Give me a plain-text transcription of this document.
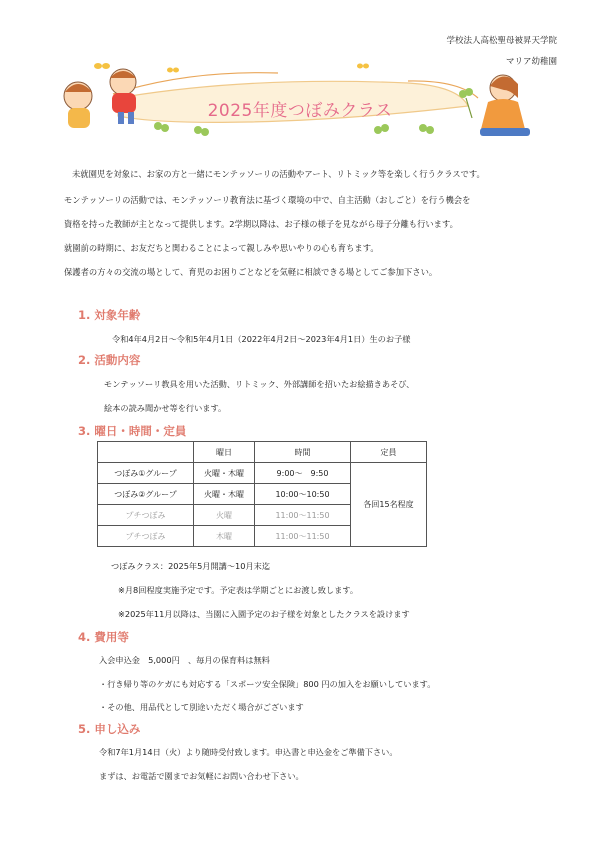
学校法人高松聖母被昇天学院
マリア幼稚園
2025年度つぼみクラス
未就園児を対象に、お家の方と一緒にモンテッソーリの活動やアート、リトミック等を楽しく行うクラスです。
モンテッソーリの活動では、モンテッソーリ教育法に基づく環境の中で、自主活動（おしごと）を行う機会を
資格を持った教師が主となって提供します。2学期以降は、お子様の様子を見ながら母子分離も行います。
就園前の時期に、お友だちと関わることによって親しみや思いやりの心も育ちます。
保護者の方々の交流の場として、育児のお困りごとなどを気軽に相談できる場としてご参加下さい。
1. 対象年齢
令和4年4月2日～令和5年4月1日（2022年4月2日～2023年4月1日）生のお子様
2. 活動内容
モンテッソーリ教具を用いた活動、リトミック、外部講師を招いたお絵描きあそび、
絵本の読み聞かせ等を行います。
3. 曜日・時間・定員
	曜日	時間	定員
つぼみ①グループ	火曜・木曜	9:00～　9:50	各回15名程度
つぼみ②グループ	火曜・木曜	10:00～10:50	
プチつぼみ	火曜	11:00～11:50	
プチつぼみ	木曜	11:00～11:50	
つぼみクラス：2025年5月開講～10月末迄
※月8回程度実施予定です。予定表は学期ごとにお渡し致します。
※2025年11月以降は、当園に入園予定のお子様を対象としたクラスを設けます
4. 費用等
入会申込金　5,000円　、毎月の保育料は無料
・行き帰り等のケガにも対応する「スポーツ安全保険」800 円の加入をお願いしています。
・その他、用品代として別途いただく場合がございます
5. 申し込み
令和7年1月14日（火）より随時受付致します。申込書と申込金をご準備下さい。
まずは、お電話で園までお気軽にお問い合わせ下さい。
